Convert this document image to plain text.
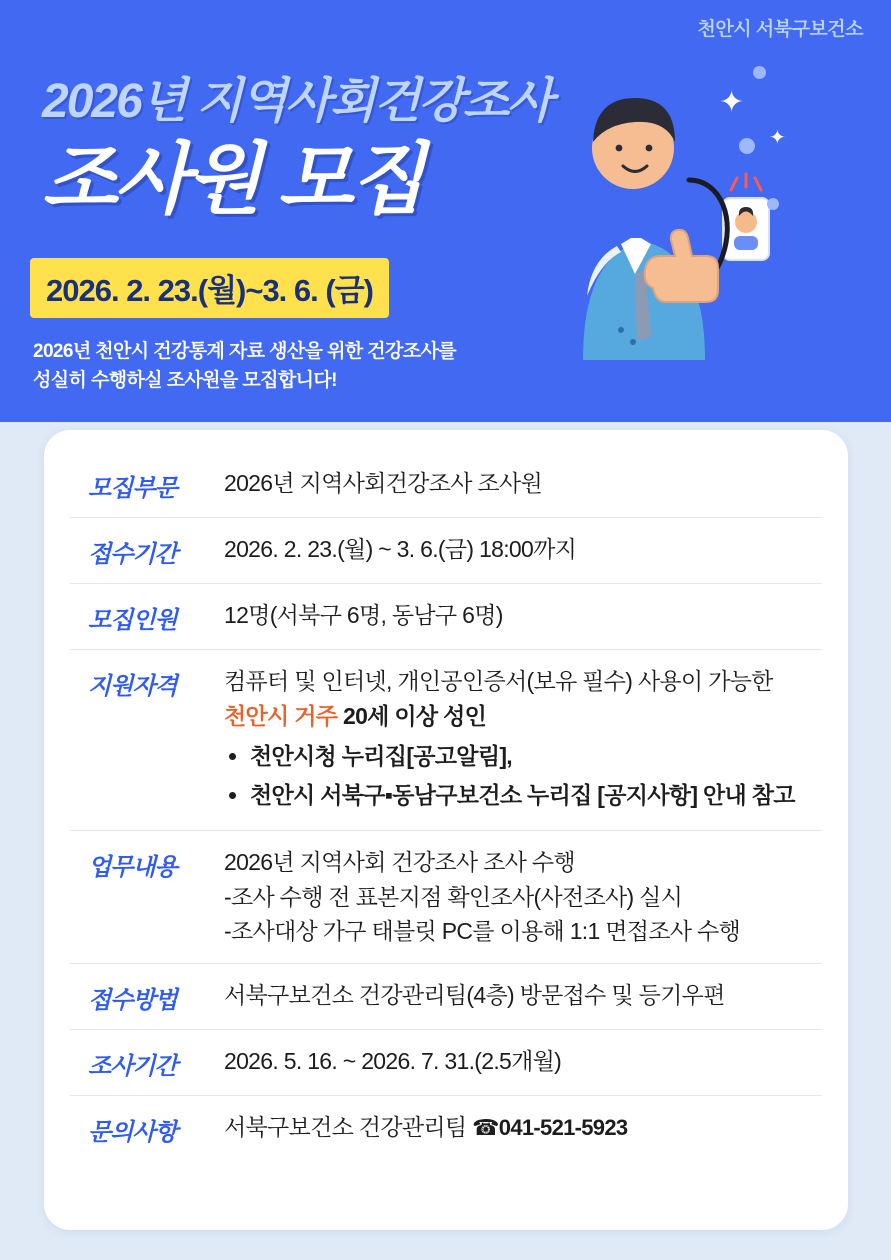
천안시 서북구보건소
2026년 지역사회건강조사
조사원 모집
2026. 2. 23.(월)~3. 6. (금)
2026년 천안시 건강통계 자료 생산을 위한 건강조사를
성실히 수행하실 조사원을 모집합니다!
✦
✦
모집부문	2026년 지역사회건강조사 조사원
접수기간	2026. 2. 23.(월) ~ 3. 6.(금) 18:00까지
모집인원	12명(서북구 6명, 동남구 6명)
지원자격	컴퓨터 및 인터넷, 개인공인증서(보유 필수) 사용이 가능한
천안시 거주 20세 이상 성인
• 천안시청 누리집[공고알림],
• 천안시 서북구▪동남구보건소 누리집 [공지사항] 안내 참고
업무내용	2026년 지역사회 건강조사 조사 수행
-조사 수행 전 표본지점 확인조사(사전조사) 실시
-조사대상 가구 태블릿 PC를 이용해 1:1 면접조사 수행
접수방법	서북구보건소 건강관리팀(4층) 방문접수 및 등기우편
조사기간	2026. 5. 16. ~ 2026. 7. 31.(2.5개월)
문의사항	서북구보건소 건강관리팀 ☎041-521-5923
